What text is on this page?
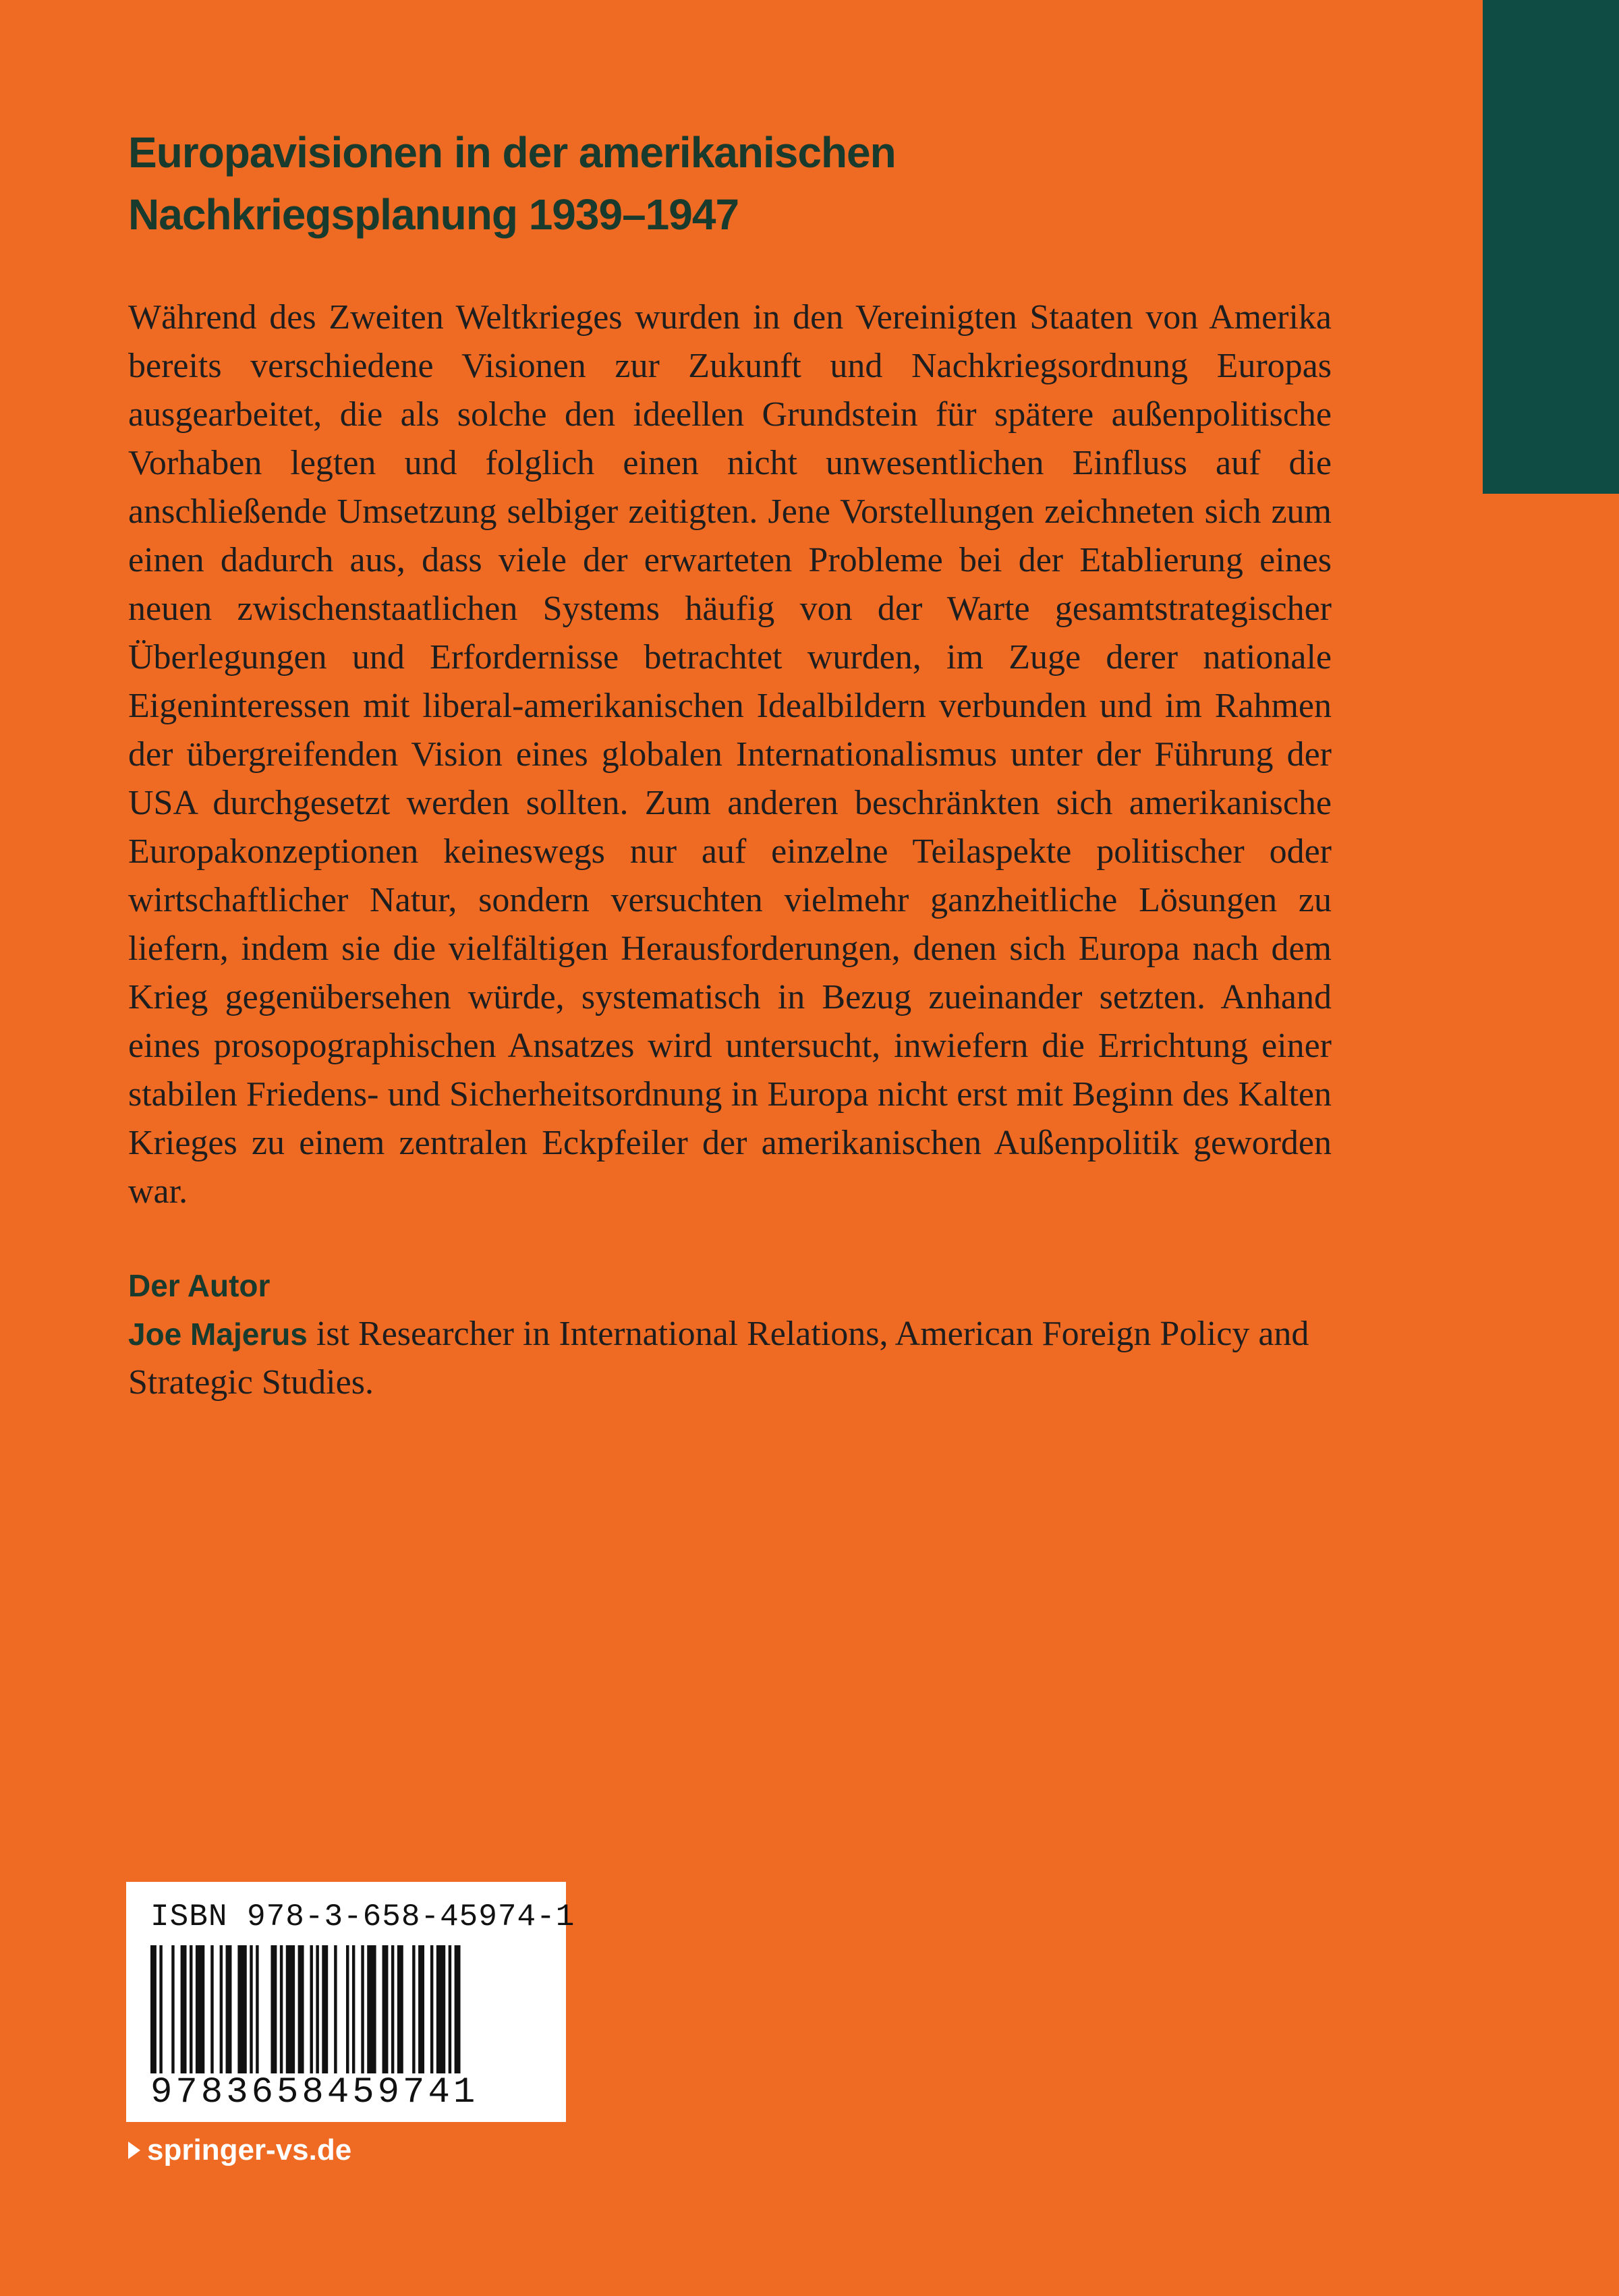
Europavisionen in der amerikanischen
Nachkriegsplanung 1939–1947
Während des Zweiten Weltkrieges wurden in den Vereinigten Staaten von Amerika bereits verschiedene Visionen zur Zukunft und Nachkriegsordnung Europas ausgearbeitet, die als solche den ideellen Grundstein für spätere außenpolitische Vorhaben legten und folglich einen nicht unwesentlichen Einfluss auf die anschließende Umsetzung selbiger zeitigten. Jene Vorstellungen zeichneten sich zum einen dadurch aus, dass viele der erwarteten Probleme bei der Etablierung eines neuen zwischenstaatlichen Systems häufig von der Warte gesamtstrategischer Überlegungen und Erfordernisse betrachtet wurden, im Zuge derer nationale Eigeninteressen mit liberal-amerikanischen Idealbildern verbunden und im Rahmen der übergreifenden Vision eines globalen Internationalismus unter der Führung der USA durchgesetzt werden sollten. Zum anderen beschränkten sich amerikanische Europakonzeptionen keineswegs nur auf einzelne Teilaspekte politischer oder wirtschaftlicher Natur, sondern versuchten vielmehr ganzheitliche Lösungen zu liefern, indem sie die vielfältigen Herausforderungen, denen sich Europa nach dem Krieg gegenübersehen würde, systematisch in Bezug zueinander setzten. Anhand eines prosopographischen Ansatzes wird untersucht, inwiefern die Errichtung einer stabilen Friedens- und Sicherheitsordnung in Europa nicht erst mit Beginn des Kalten Krieges zu einem zentralen Eckpfeiler der amerikanischen Außenpolitik geworden war.
Der Autor
Joe Majerus ist Researcher in International Relations, American Foreign Policy and Strategic Studies.
ISBN 978-3-658-45974-1
9783658459741
springer-vs.de
